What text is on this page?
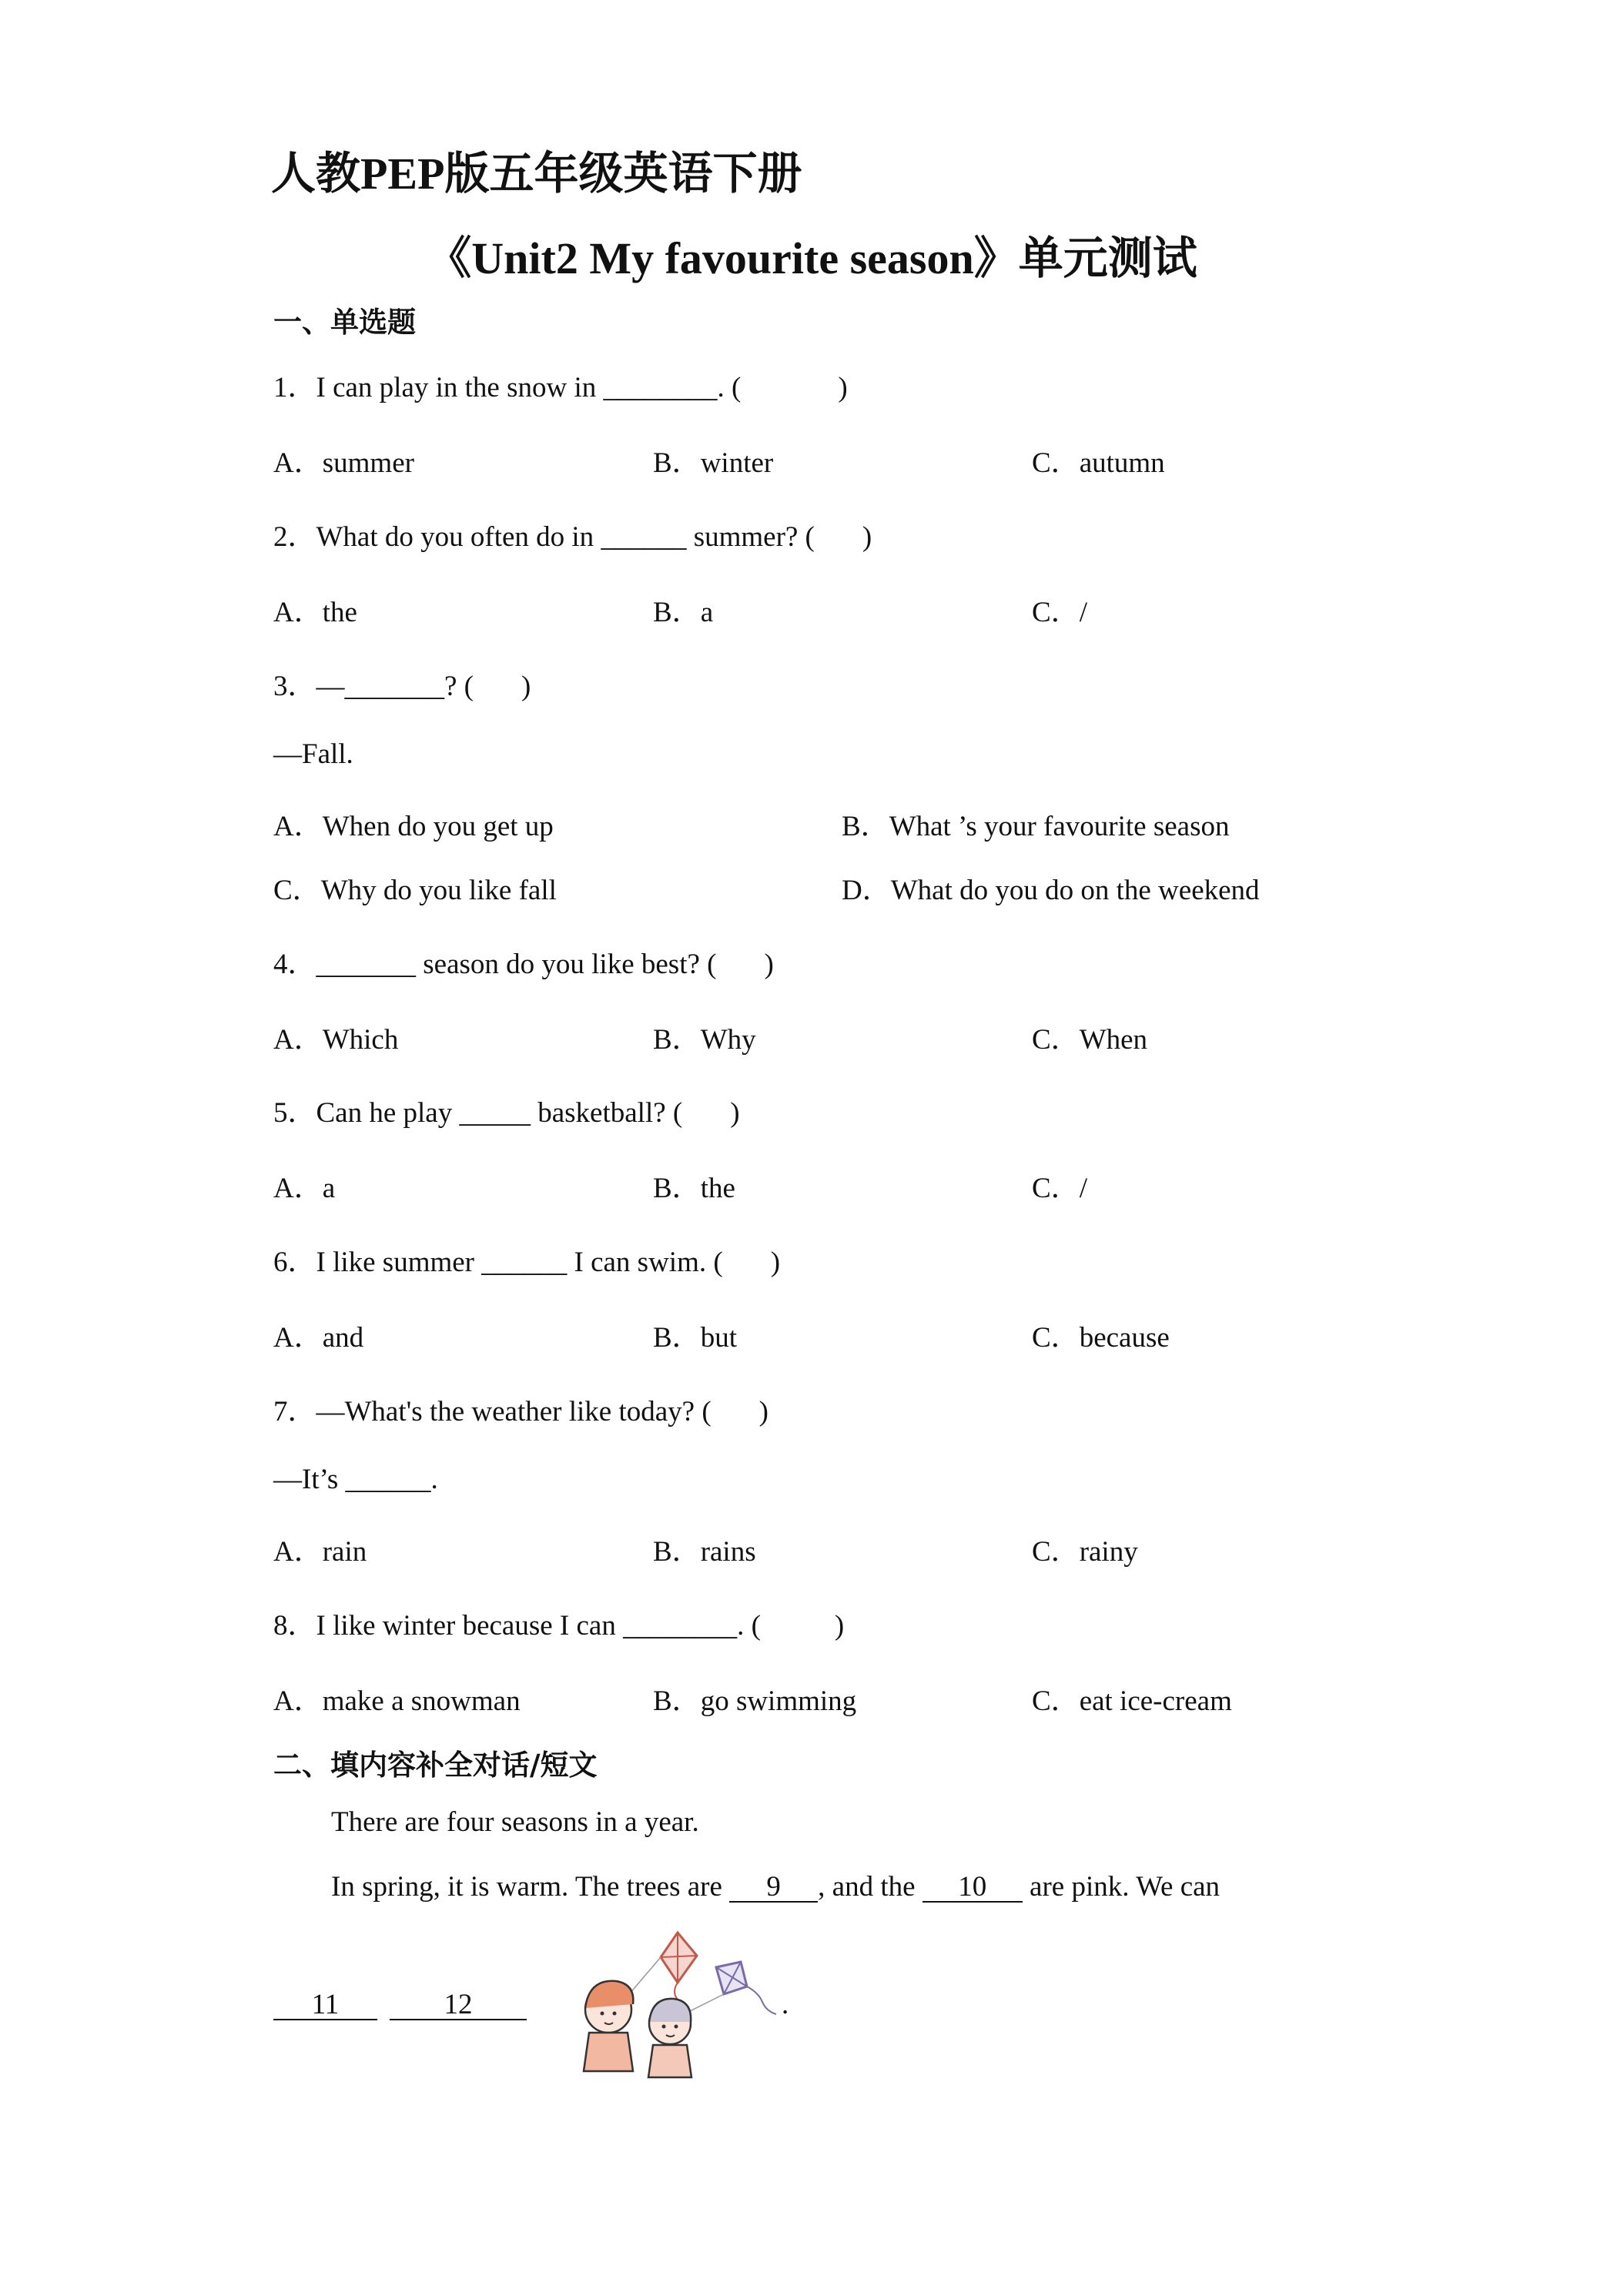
人教PEP版五年级英语下册
《Unit2 My favourite season》单元测试
一、单选题
1．I can play in the snow in ________. (	)
A．summer	B．winter	C．autumn
2．What do you often do in ______ summer? ( )
A．the	B．a	C．/
3．—_______? ( )
—Fall.
A．When do you get up	B．What ’s your favourite season
C．Why do you like fall	D．What do you do on the weekend
4．_______ season do you like best? ( )
A．Which	B．Why	C．When
5．Can he play _____ basketball? ( )
A．a	B．the	C．/
6．I like summer ______ I can swim. ( )
A．and	B．but	C．because
7．—What's the weather like today? ( )
—It’s ______.
A．rain	B．rains	C．rainy
8．I like winter because I can ________. (	)
A．make a snowman	B．go swimming	C．eat ice-cream
二、填内容补全对话/短文
There are four seasons in a year.
In spring, it is warm. The trees are 9 , and the 10 are pink. We can
11	12	.
